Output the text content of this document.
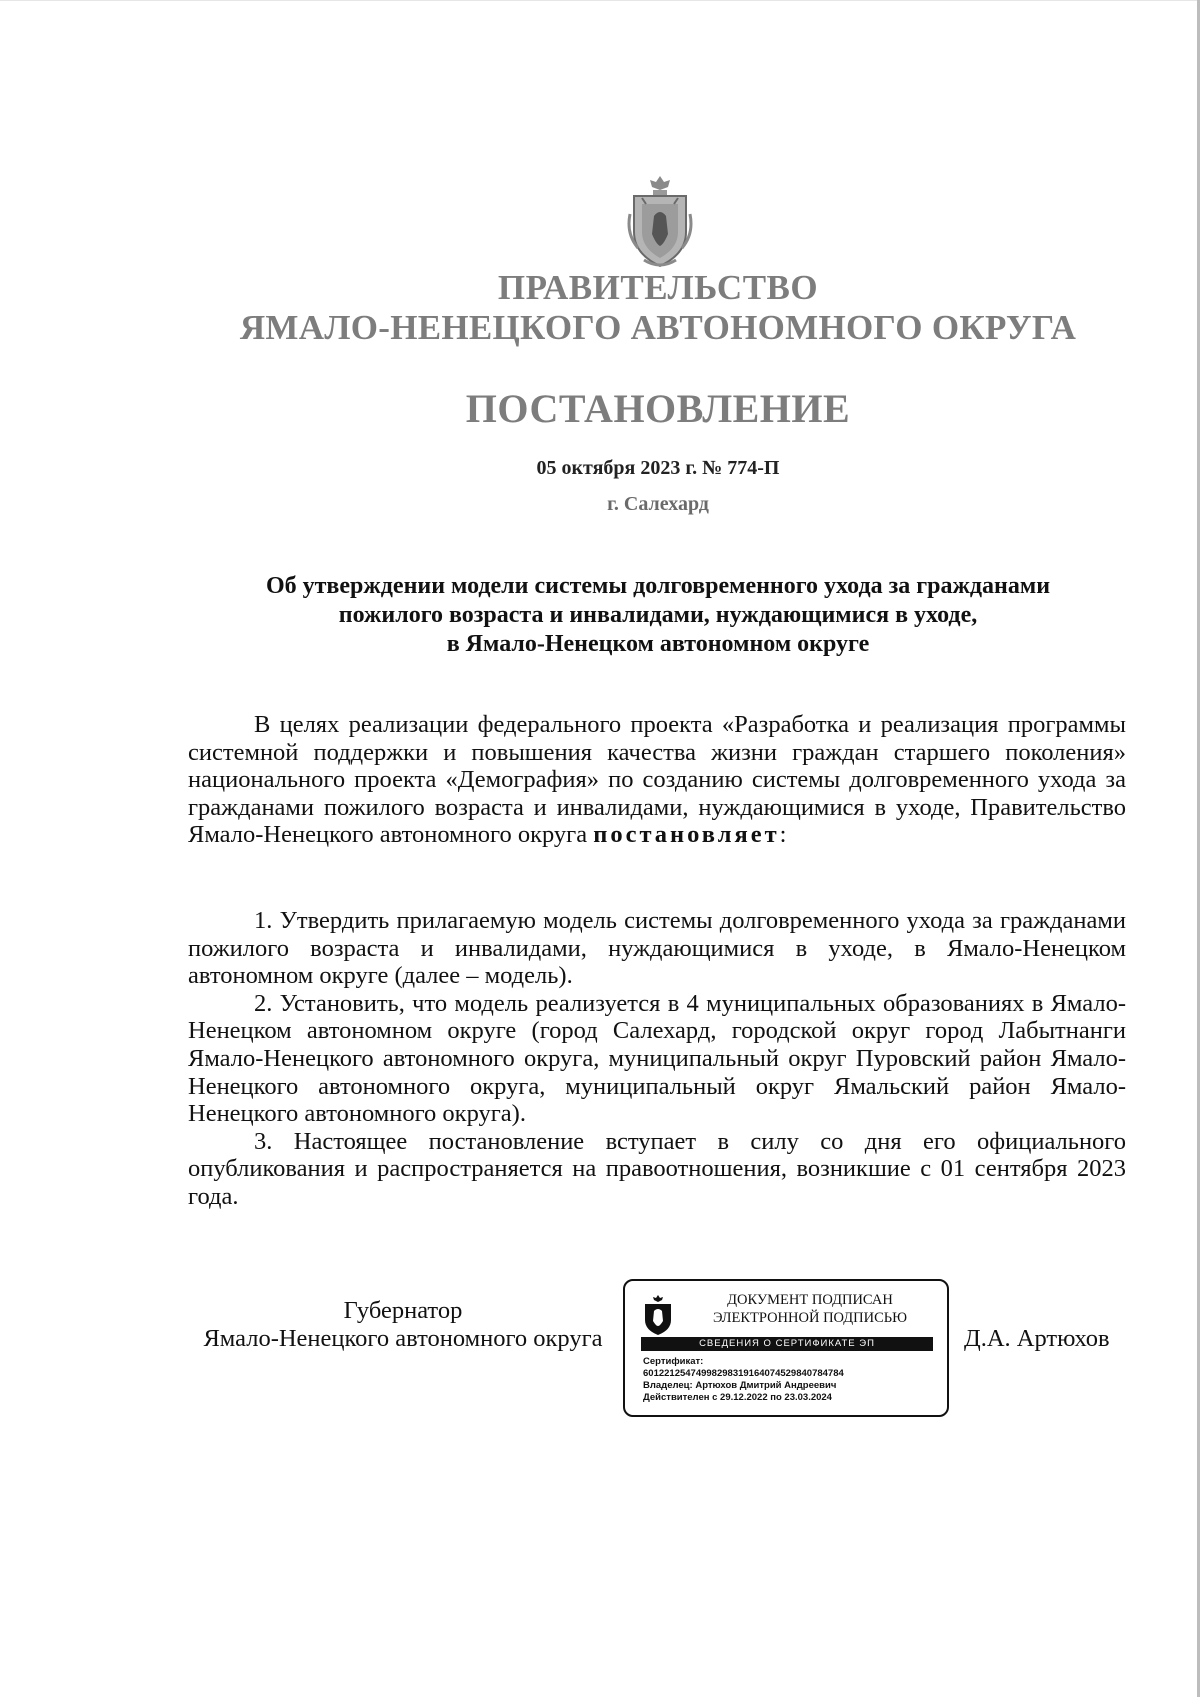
ПРАВИТЕЛЬСТВО
ЯМАЛО-НЕНЕЦКОГО АВТОНОМНОГО ОКРУГА
ПОСТАНОВЛЕНИЕ
05 октября 2023 г. № 774-П
г. Салехард
Об утверждении модели системы долговременного ухода за гражданами
пожилого возраста и инвалидами, нуждающимися в уходе,
в Ямало-Ненецком автономном округе

В целях реализации федерального проекта «Разработка и реализация программы системной поддержки и повышения качества жизни граждан старшего поколения» национального проекта «Демография» по созданию системы долговременного ухода за гражданами пожилого возраста и инвалидами, нуждающимися в уходе, Правительство Ямало-Ненецкого автономного округа постановляет:

1. Утвердить прилагаемую модель системы долговременного ухода за гражданами пожилого возраста и инвалидами, нуждающимися в уходе, в Ямало-Ненецком автономном округе (далее – модель).

2. Установить, что модель реализуется в 4 муниципальных образованиях в Ямало-Ненецком автономном округе (город Салехард, городской округ город Лабытнанги Ямало-Ненецкого автономного округа, муниципальный округ Пуровский район Ямало-Ненецкого автономного округа, муниципальный округ Ямальский район Ямало-Ненецкого автономного округа).

3. Настоящее постановление вступает в силу со дня его официального опубликования и распространяется на правоотношения, возникшие с 01 сентября 2023 года.

Губернатор
Ямало-Ненецкого автономного округа
ДОКУМЕНТ ПОДПИСАН
ЭЛЕКТРОННОЙ ПОДПИСЬЮ
СВЕДЕНИЯ О СЕРТИФИКАТЕ ЭП
Сертификат:
60122125474998298319164074529840784784
Владелец: Артюхов Дмитрий Андреевич
Действителен с 29.12.2022 по 23.03.2024
Д.А. Артюхов
